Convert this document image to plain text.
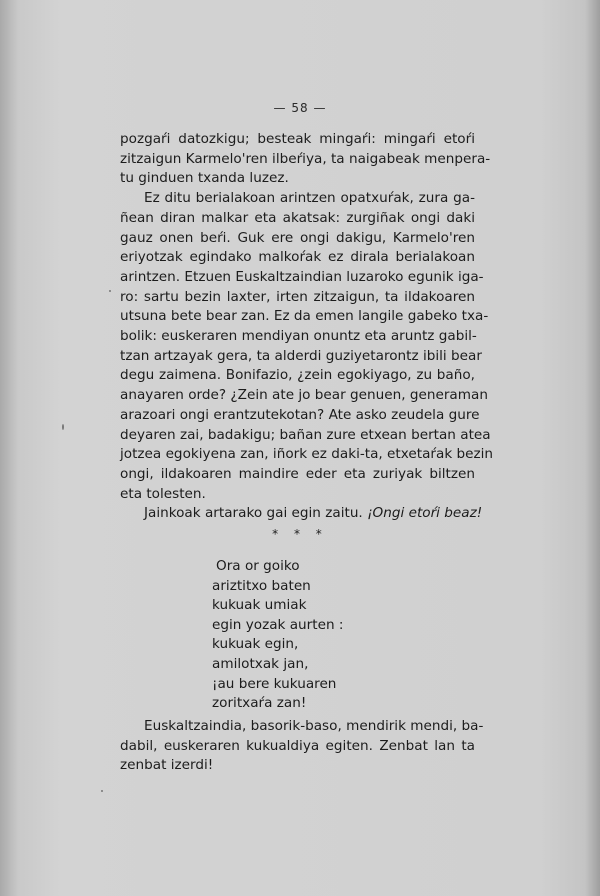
— 58 —

pozgaŕi datozkigu; besteak mingaŕi: mingaŕi etoŕi
zitzaigun Karmelo'ren ilbeŕiya, ta naigabeak menpera-
tu ginduen txanda luzez.

Ez ditu berialakoan arintzen opatxuŕak, zura ga-
ñean diran malkar eta akatsak: zurgiñak ongi daki
gauz onen beŕi. Guk ere ongi dakigu, Karmelo'ren
eriyotzak egindako malkoŕak ez dirala berialakoan
arintzen. Etzuen Euskaltzaindian luzaroko egunik iga-
ro: sartu bezin laxter, irten zitzaigun, ta ildakoaren
utsuna bete bear zan. Ez da emen langile gabeko txa-
bolik: euskeraren mendiyan onuntz eta aruntz gabil-
tzan artzayak gera, ta alderdi guziyetarontz ibili bear
degu zaimena. Bonifazio, ¿zein egokiyago, zu baño,
anayaren orde? ¿Zein ate jo bear genuen, generaman
arazoari ongi erantzutekotan? Ate asko zeudela gure
deyaren zai, badakigu; bañan zure etxean bertan atea
jotzea egokiyena zan, iñork ez daki-ta, etxetaŕak bezin
ongi, ildakoaren maindire eder eta zuriyak biltzen
eta tolesten.

Jainkoak artarako gai egin zaitu. ¡Ongi etoŕi beaz!

* * *
Ora or goiko
ariztitxo baten
kukuak umiak
egin yozak aurten :
kukuak egin,
amilotxak jan,
¡au bere kukuaren
zoritxaŕa zan!
Euskaltzaindia, basorik-baso, mendirik mendi, ba-
dabil, euskeraren kukualdiya egiten. Zenbat lan ta
zenbat izerdi!
